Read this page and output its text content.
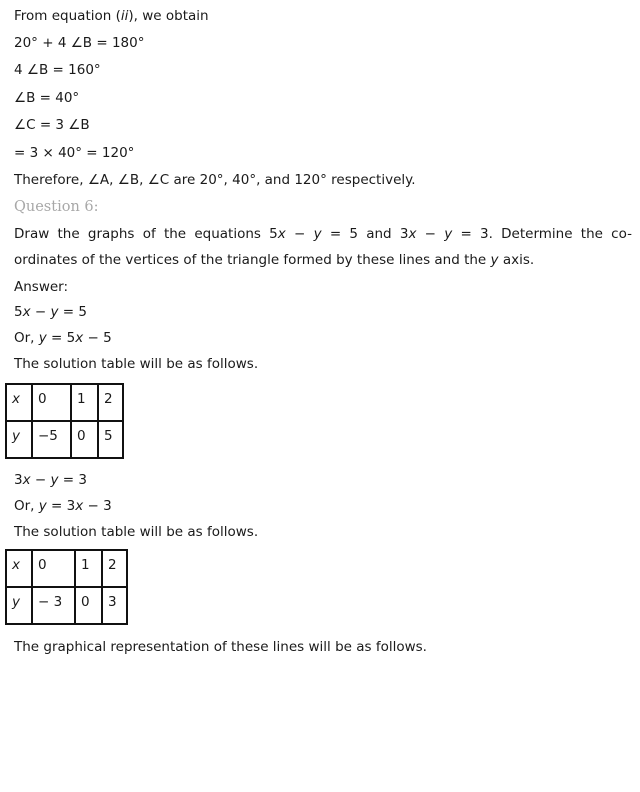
From equation (ii), we obtain
20° + 4 ∠B = 180°
4 ∠B = 160°
∠B = 40°
∠C = 3 ∠B
= 3 × 40° = 120°
Therefore, ∠A, ∠B, ∠C are 20°, 40°, and 120° respectively.
Question 6:
Draw the graphs of the equations 5x − y = 5 and 3x − y = 3. Determine the co-
ordinates of the vertices of the triangle formed by these lines and the y axis.
Answer:
5x − y = 5
Or, y = 5x − 5
The solution table will be as follows.
x	0	1	2
y	−5	0	5
3x − y = 3
Or, y = 3x − 3
The solution table will be as follows.
x	0	1	2
y	− 3	0	3
The graphical representation of these lines will be as follows.
